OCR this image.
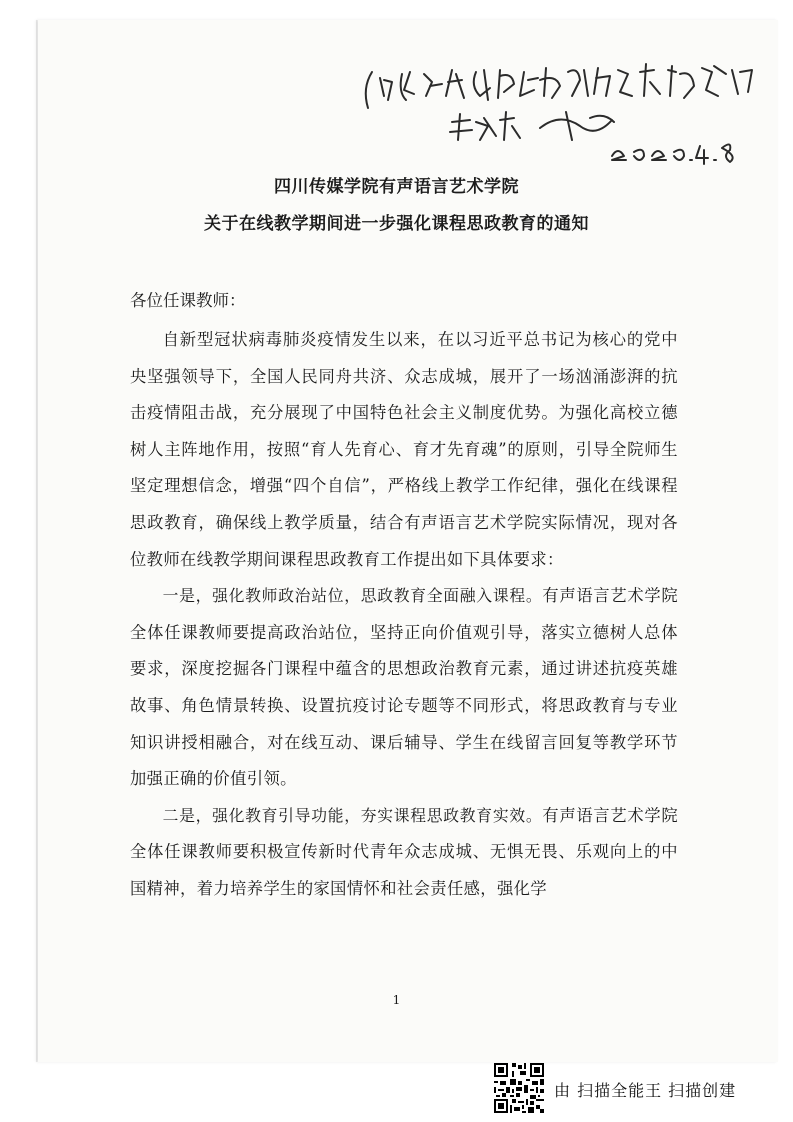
四川传媒学院有声语言艺术学院
关于在线教学期间进一步强化课程思政教育的通知
各位任课教师：

自新型冠状病毒肺炎疫情发生以来，在以习近平总书记为核心的党中央坚强领导下，全国人民同舟共济、众志成城，展开了一场汹涌澎湃的抗击疫情阻击战，充分展现了中国特色社会主义制度优势。为强化高校立德树人主阵地作用，按照“育人先育心、育才先育魂”的原则，引导全院师生坚定理想信念，增强“四个自信”，严格线上教学工作纪律，强化在线课程思政教育，确保线上教学质量，结合有声语言艺术学院实际情况，现对各位教师在线教学期间课程思政教育工作提出如下具体要求：

一是，强化教师政治站位，思政教育全面融入课程。有声语言艺术学院全体任课教师要提高政治站位，坚持正向价值观引导，落实立德树人总体要求，深度挖掘各门课程中蕴含的思想政治教育元素，通过讲述抗疫英雄故事、角色情景转换、设置抗疫讨论专题等不同形式，将思政教育与专业知识讲授相融合，对在线互动、课后辅导、学生在线留言回复等教学环节加强正确的价值引领。

二是，强化教育引导功能，夯实课程思政教育实效。有声语言艺术学院全体任课教师要积极宣传新时代青年众志成城、无惧无畏、乐观向上的中国精神，着力培养学生的家国情怀和社会责任感，强化学

1
由 扫描全能王 扫描创建
